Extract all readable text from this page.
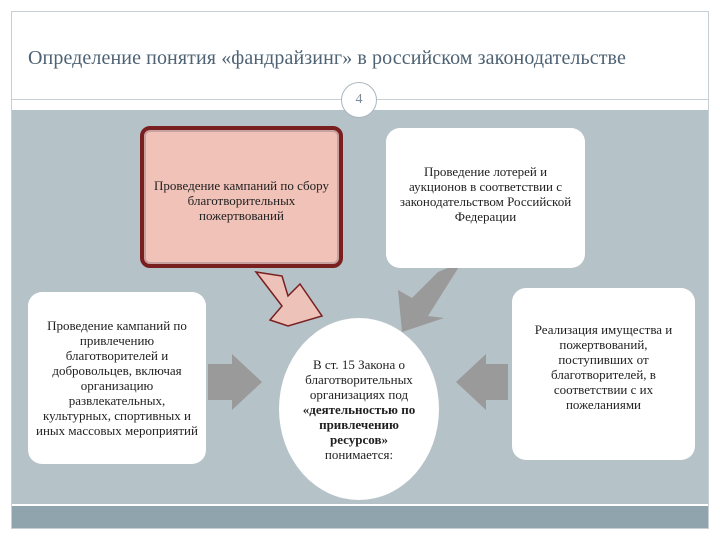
Определение понятия «фандрайзинг» в российском законодательстве
4
Проведение кампаний по сбору благотворительных пожертвований
Проведение лотерей и аукционов в соответствии с законодательством Российской Федерации
Проведение кампаний по привлечению благотворителей и добровольцев, включая организацию развлекательных, культурных, спортивных и иных массовых мероприятий
Реализация имущества и пожертвований, поступивших от благотворителей, в соответствии с их пожеланиями
В ст. 15 Закона о благотворительных организациях под
«деятельностью по привлечению ресурсов»
понимается:
